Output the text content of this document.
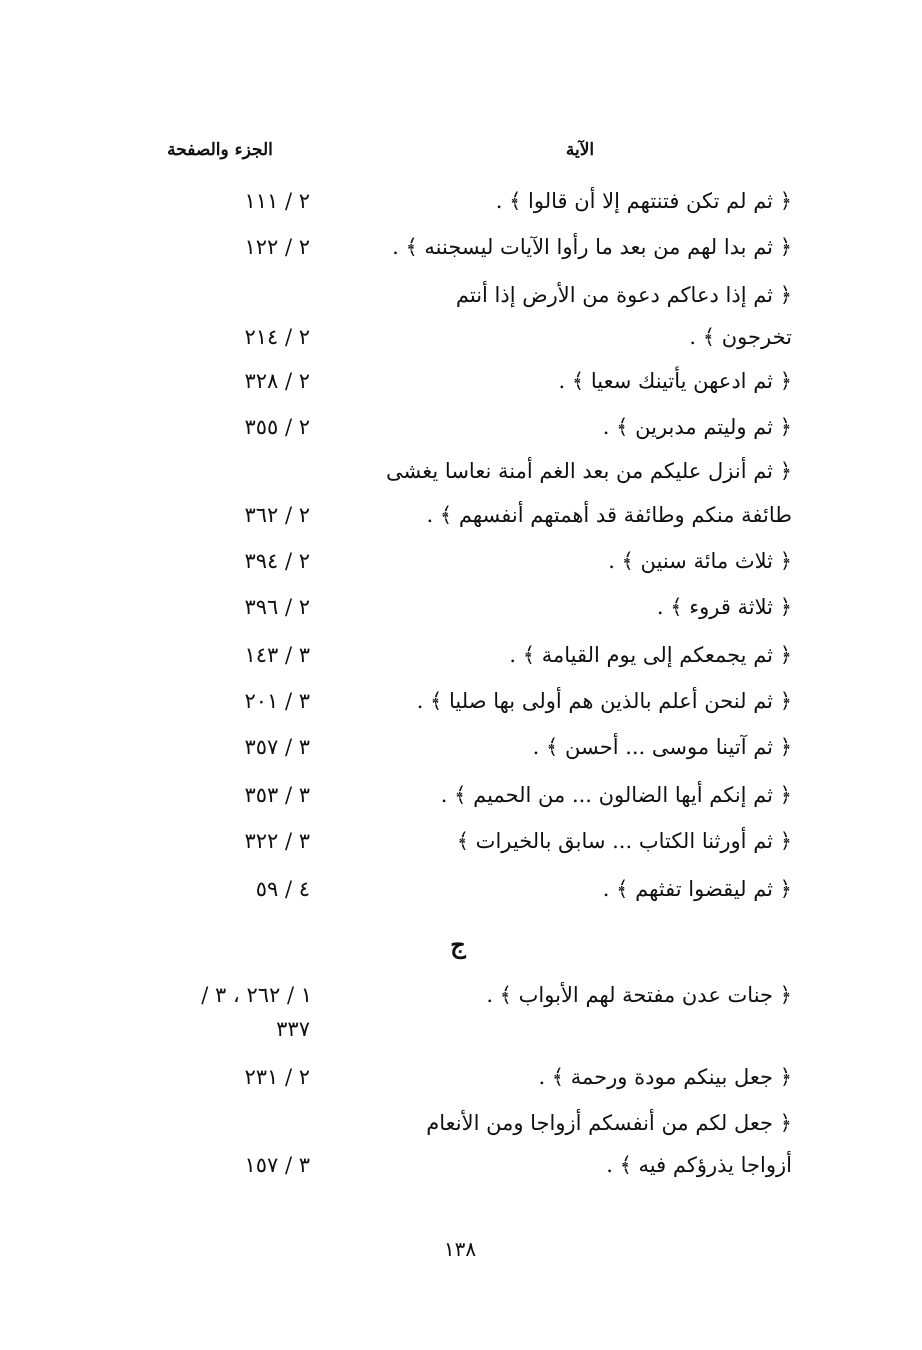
الآية
الجزء والصفحة
﴿ ثم لم تكن فتنتهم إلا أن قالوا ﴾ .
٢ / ١١١
﴿ ثم بدا لهم من بعد ما رأوا الآيات ليسجننه ﴾ .
٢ / ١٢٢
﴿ ثم إذا دعاكم دعوة من الأرض إذا أنتم
تخرجون ﴾ .
٢ / ٢١٤
﴿ ثم ادعهن يأتينك سعيا ﴾ .
٢ / ٣٢٨
﴿ ثم وليتم مدبرين ﴾ .
٢ / ٣٥٥
﴿ ثم أنزل عليكم من بعد الغم أمنة نعاسا يغشى
طائفة منكم وطائفة قد أهمتهم أنفسهم ﴾ .
٢ / ٣٦٢
﴿ ثلاث مائة سنين ﴾ .
٢ / ٣٩٤
﴿ ثلاثة قروء ﴾ .
٢ / ٣٩٦
﴿ ثم يجمعكم إلى يوم القيامة ﴾ .
٣ / ١٤٣
﴿ ثم لنحن أعلم بالذين هم أولى بها صليا ﴾ .
٣ / ٢٠١
﴿ ثم آتينا موسى ... أحسن ﴾ .
٣ / ٣٥٧
﴿ ثم إنكم أيها الضالون ... من الحميم ﴾ .
٣ / ٣٥٣
﴿ ثم أورثنا الكتاب ... سابق بالخيرات ﴾
٣ / ٣٢٢
﴿ ثم ليقضوا تفثهم ﴾ .
٤ / ٥٩
ج
﴿ جنات عدن مفتحة لهم الأبواب ﴾ .
١ / ٢٦٢ ، ٣ /
٣٣٧
﴿ جعل بينكم مودة ورحمة ﴾ .
٢ / ٢٣١
﴿ جعل لكم من أنفسكم أزواجا ومن الأنعام
أزواجا يذرؤكم فيه ﴾ .
٣ / ١٥٧
١٣٨
